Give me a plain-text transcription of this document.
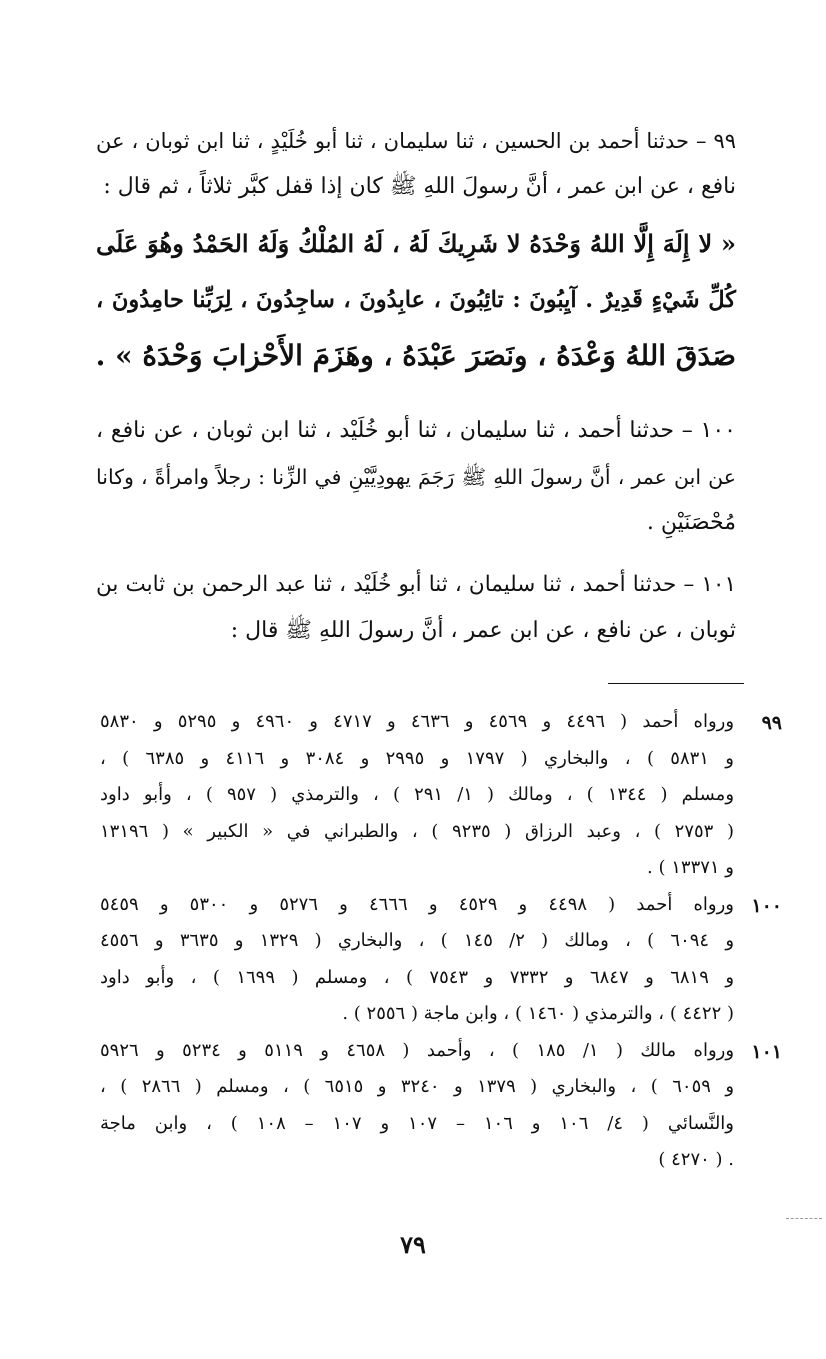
٩٩ – حدثنا أحمد بن الحسين ، ثنا سليمان ، ثنا أبو خُلَيْدٍ ، ثنا ابن ثوبان ، عن
نافع ، عن ابن عمر ، أنَّ رسولَ اللهِ ﷺ كان إذا قفل كبَّر ثلاثاً ، ثم قال :
« لا إِلَهَ إِلَّا اللهُ وَحْدَهُ لا شَرِيكَ لَهُ ، لَهُ المُلْكُ وَلَهُ الحَمْدُ وهُوَ عَلَى
كُلِّ شَيْءٍ قَدِيرٌ . آيِبُونَ : تائِبُونَ ، عابِدُونَ ، ساجِدُونَ ، لِرَبِّنا حامِدُونَ ،
صَدَقَ اللهُ وَعْدَهُ ، ونَصَرَ عَبْدَهُ ، وهَزَمَ الأَحْزابَ وَحْدَهُ » .
١٠٠ – حدثنا أحمد ، ثنا سليمان ، ثنا أبو خُلَيْد ، ثنا ابن ثوبان ، عن نافع ،
عن ابن عمر ، أنَّ رسولَ اللهِ ﷺ رَجَمَ يهودِيَّيْنِ في الزِّنا : رجلاً وامرأةً ، وكانا
مُحْصَنَيْنِ .
١٠١ – حدثنا أحمد ، ثنا سليمان ، ثنا أبو خُلَيْد ، ثنا عبد الرحمن بن ثابت بن
ثوبان ، عن نافع ، عن ابن عمر ، أنَّ رسولَ اللهِ ﷺ قال :
٩٩
ورواه أحمد ( ٤٤٩٦ و ٤٥٦٩ و ٤٦٣٦ و ٤٧١٧ و ٤٩٦٠ و ٥٢٩٥ و ٥٨٣٠
و ٥٨٣١ ) ، والبخاري ( ١٧٩٧ و ٢٩٩٥ و ٣٠٨٤ و ٤١١٦ و ٦٣٨٥ ) ،
ومسلم ( ١٣٤٤ ) ، ومالك ( ١/ ٢٩١ ) ، والترمذي ( ٩٥٧ ) ، وأبو داود
( ٢٧٥٣ ) ، وعبد الرزاق ( ٩٢٣٥ ) ، والطبراني في « الكبير » ( ١٣١٩٦
و ١٣٣٧١ ) .
١٠٠
ورواه أحمد ( ٤٤٩٨ و ٤٥٢٩ و ٤٦٦٦ و ٥٢٧٦ و ٥٣٠٠ و ٥٤٥٩
و ٦٠٩٤ ) ، ومالك ( ٢/ ١٤٥ ) ، والبخاري ( ١٣٢٩ و ٣٦٣٥ و ٤٥٥٦
و ٦٨١٩ و ٦٨٤٧ و ٧٣٣٢ و ٧٥٤٣ ) ، ومسلم ( ١٦٩٩ ) ، وأبو داود
( ٤٤٢٢ ) ، والترمذي ( ١٤٦٠ ) ، وابن ماجة ( ٢٥٥٦ ) .
١٠١
ورواه مالك ( ١/ ١٨٥ ) ، وأحمد ( ٤٦٥٨ و ٥١١٩ و ٥٢٣٤ و ٥٩٢٦
و ٦٠٥٩ ) ، والبخاري ( ١٣٧٩ و ٣٢٤٠ و ٦٥١٥ ) ، ومسلم ( ٢٨٦٦ ) ،
والنَّسائي ( ٤/ ١٠٦ و ١٠٦ – ١٠٧ و ١٠٧ – ١٠٨ ) ، وابن ماجة
( ٤٢٧٠ ) .
٧٩
